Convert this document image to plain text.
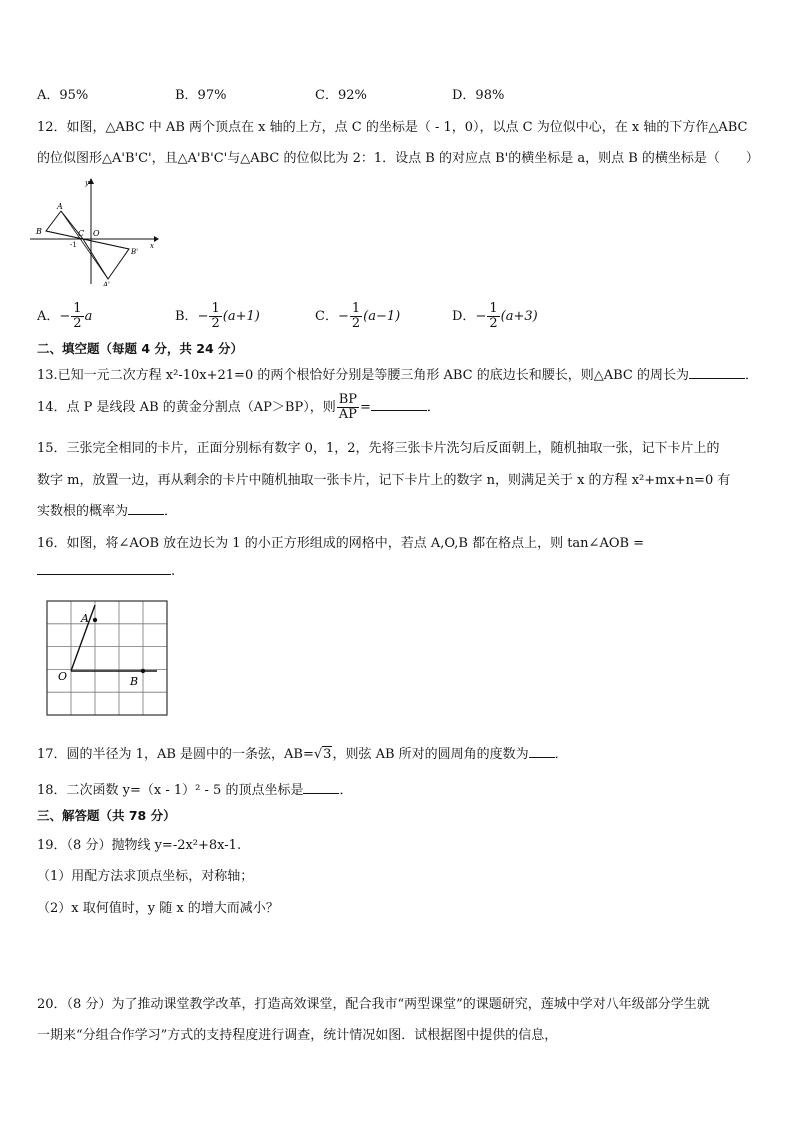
A．95%	B．97%	C．92%	D．98%
12．如图，△ABC 中 AB 两个顶点在 x 轴的上方，点 C 的坐标是（ - 1，0），以点 C 为位似中心，在 x 轴的下方作△ABC
的位似图形△A'B'C'，且△A'B'C'与△ABC 的位似比为 2：1．设点 B 的对应点 B'的横坐标是 a，则点 B 的横坐标是（　　）
A
B	C O
x
y
-1
A'
B'
A．− $\frac{1}{2}$ a	B．− $\frac{1}{2} (a+1)$	C．− $\frac{1}{2} (a-1)$	D．− $\frac{1}{2} (a+3)$
二、填空题（每题 4 分，共 24 分）
13.已知一元二次方程 x²-10x+21=0 的两个根恰好分别是等腰三角形 ABC 的底边长和腰长，则△ABC 的周长为	．
14．点 P 是线段 AB 的黄金分割点（AP＞BP），则 $\frac{BP}{AP}$ =	．
15．三张完全相同的卡片，正面分别标有数字 0，1，2，先将三张卡片洗匀后反面朝上，随机抽取一张，记下卡片上的
数字 m，放置一边，再从剩余的卡片中随机抽取一张卡片，记下卡片上的数字 n，则满足关于 x 的方程 x²+mx+n=0 有
实数根的概率为	．
16．如图，将∠AOB 放在边长为 1 的小正方形组成的网格中，若点 A,O,B 都在格点上，则 tan∠AOB =
.
A
O	B
17．圆的半径为 1，AB 是圆中的一条弦，AB=√3，则弦 AB 所对的圆周角的度数为 ．
18．二次函数 y=（x - 1）² - 5 的顶点坐标是	．
三、解答题（共 78 分）
19．（8 分）抛物线 y=-2x²+8x-1.
（1）用配方法求顶点坐标，对称轴；
（2）x 取何值时，y 随 x 的增大而减小？
20．（8 分）为了推动课堂教学改革，打造高效课堂，配合我市“两型课堂”的课题研究，莲城中学对八年级部分学生就
一期来“分组合作学习”方式的支持程度进行调查，统计情况如图．试根据图中提供的信息，
